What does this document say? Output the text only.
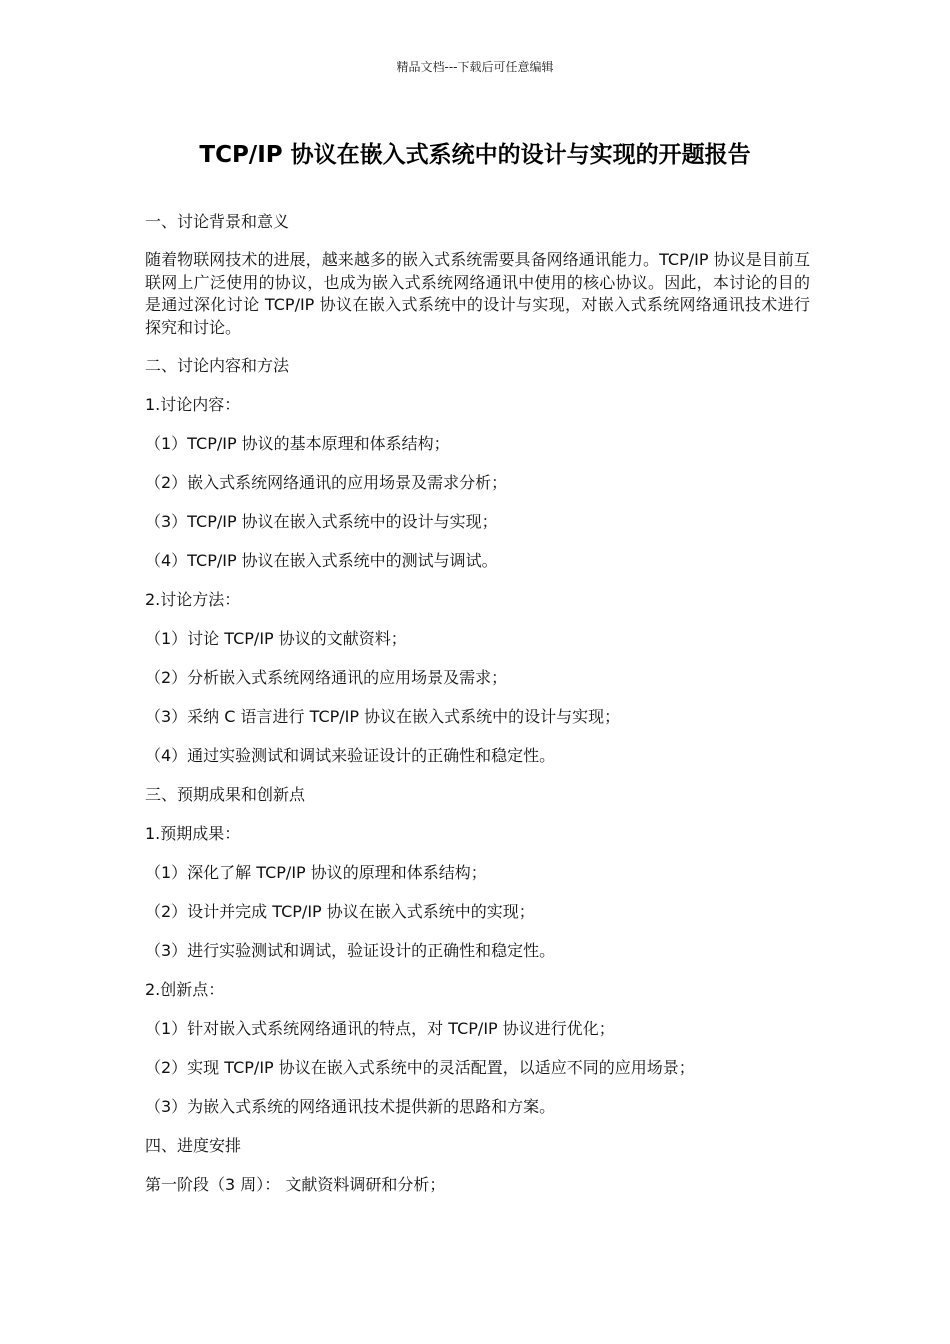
精品文档---下载后可任意编辑
TCP/IP 协议在嵌入式系统中的设计与实现的开题报告
一、讨论背景和意义
随着物联网技术的进展，越来越多的嵌入式系统需要具备网络通讯能力。TCP/IP 协议是目前互联网上广泛使用的协议，也成为嵌入式系统网络通讯中使用的核心协议。因此，本讨论的目的是通过深化讨论 TCP/IP 协议在嵌入式系统中的设计与实现，对嵌入式系统网络通讯技术进行探究和讨论。
二、讨论内容和方法
1.讨论内容：
（1）TCP/IP 协议的基本原理和体系结构；
（2）嵌入式系统网络通讯的应用场景及需求分析；
（3）TCP/IP 协议在嵌入式系统中的设计与实现；
（4）TCP/IP 协议在嵌入式系统中的测试与调试。
2.讨论方法：
（1）讨论 TCP/IP 协议的文献资料；
（2）分析嵌入式系统网络通讯的应用场景及需求；
（3）采纳 C 语言进行 TCP/IP 协议在嵌入式系统中的设计与实现；
（4）通过实验测试和调试来验证设计的正确性和稳定性。
三、预期成果和创新点
1.预期成果：
（1）深化了解 TCP/IP 协议的原理和体系结构；
（2）设计并完成 TCP/IP 协议在嵌入式系统中的实现；
（3）进行实验测试和调试，验证设计的正确性和稳定性。
2.创新点：
（1）针对嵌入式系统网络通讯的特点，对 TCP/IP 协议进行优化；
（2）实现 TCP/IP 协议在嵌入式系统中的灵活配置，以适应不同的应用场景；
（3）为嵌入式系统的网络通讯技术提供新的思路和方案。
四、进度安排
第一阶段（3 周）： 文献资料调研和分析；
